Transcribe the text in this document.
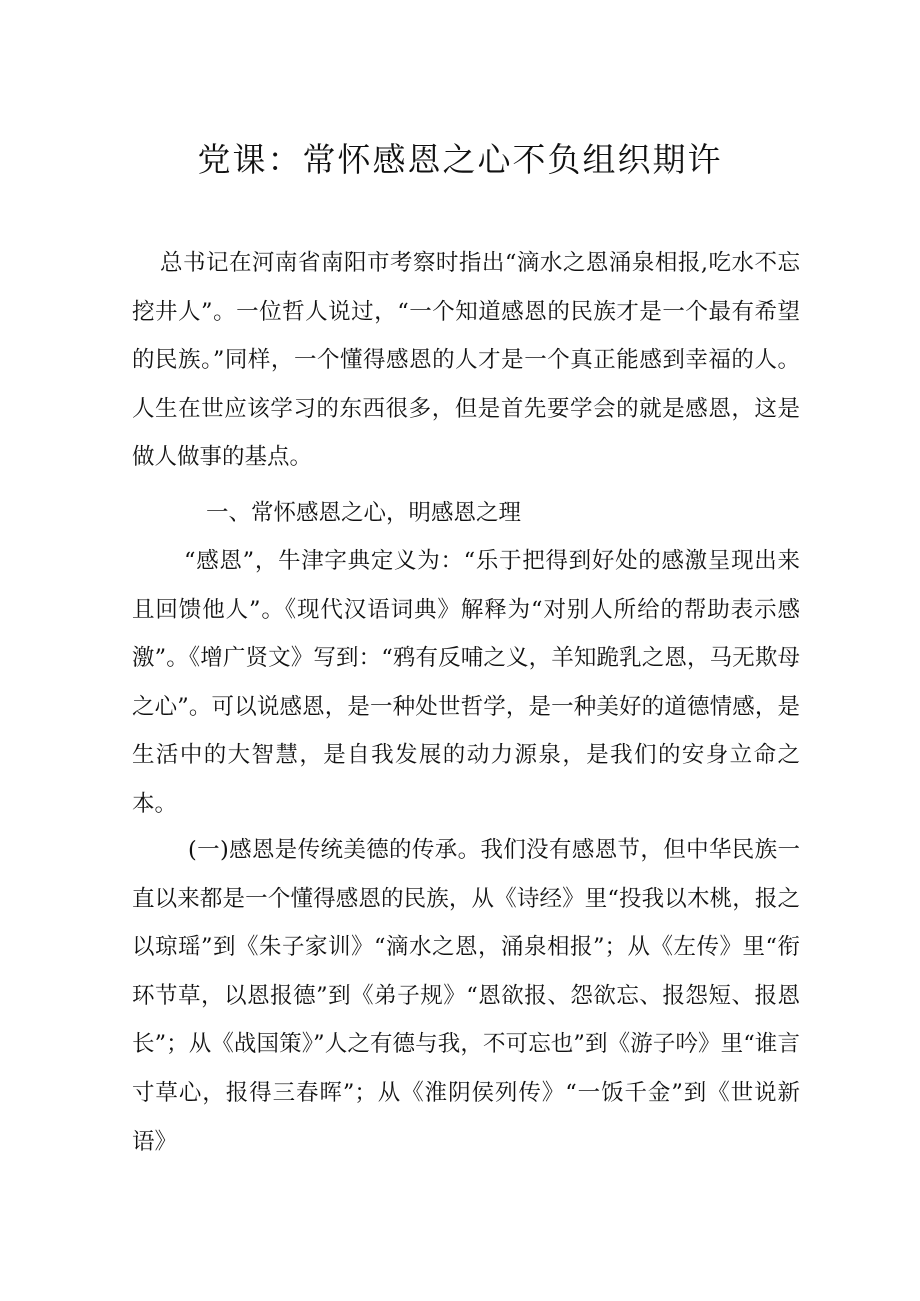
党课：常怀感恩之心不负组织期许

总书记在河南省南阳市考察时指出“滴水之恩涌泉相报,吃水不忘挖井人”。一位哲人说过，“一个知道感恩的民族才是一个最有希望的民族。”同样，一个懂得感恩的人才是一个真正能感到幸福的人。人生在世应该学习的东西很多，但是首先要学会的就是感恩，这是做人做事的基点。

一、常怀感恩之心，明感恩之理

“感恩”，牛津字典定义为：“乐于把得到好处的感激呈现出来且回馈他人”。《现代汉语词典》解释为“对别人所给的帮助表示感激”。《增广贤文》写到：“鸦有反哺之义，羊知跪乳之恩，马无欺母之心”。可以说感恩，是一种处世哲学，是一种美好的道德情感，是生活中的大智慧，是自我发展的动力源泉，是我们的安身立命之本。

(一)感恩是传统美德的传承。我们没有感恩节，但中华民族一直以来都是一个懂得感恩的民族，从《诗经》里“投我以木桃，报之以琼瑶”到《朱子家训》“滴水之恩，涌泉相报”；从《左传》里“衔环节草，以恩报德”到《弟子规》“恩欲报、怨欲忘、报怨短、报恩长”；从《战国策》”人之有德与我，不可忘也”到《游子吟》里“谁言寸草心，报得三春晖”；从《淮阴侯列传》“一饭千金”到《世说新语》
